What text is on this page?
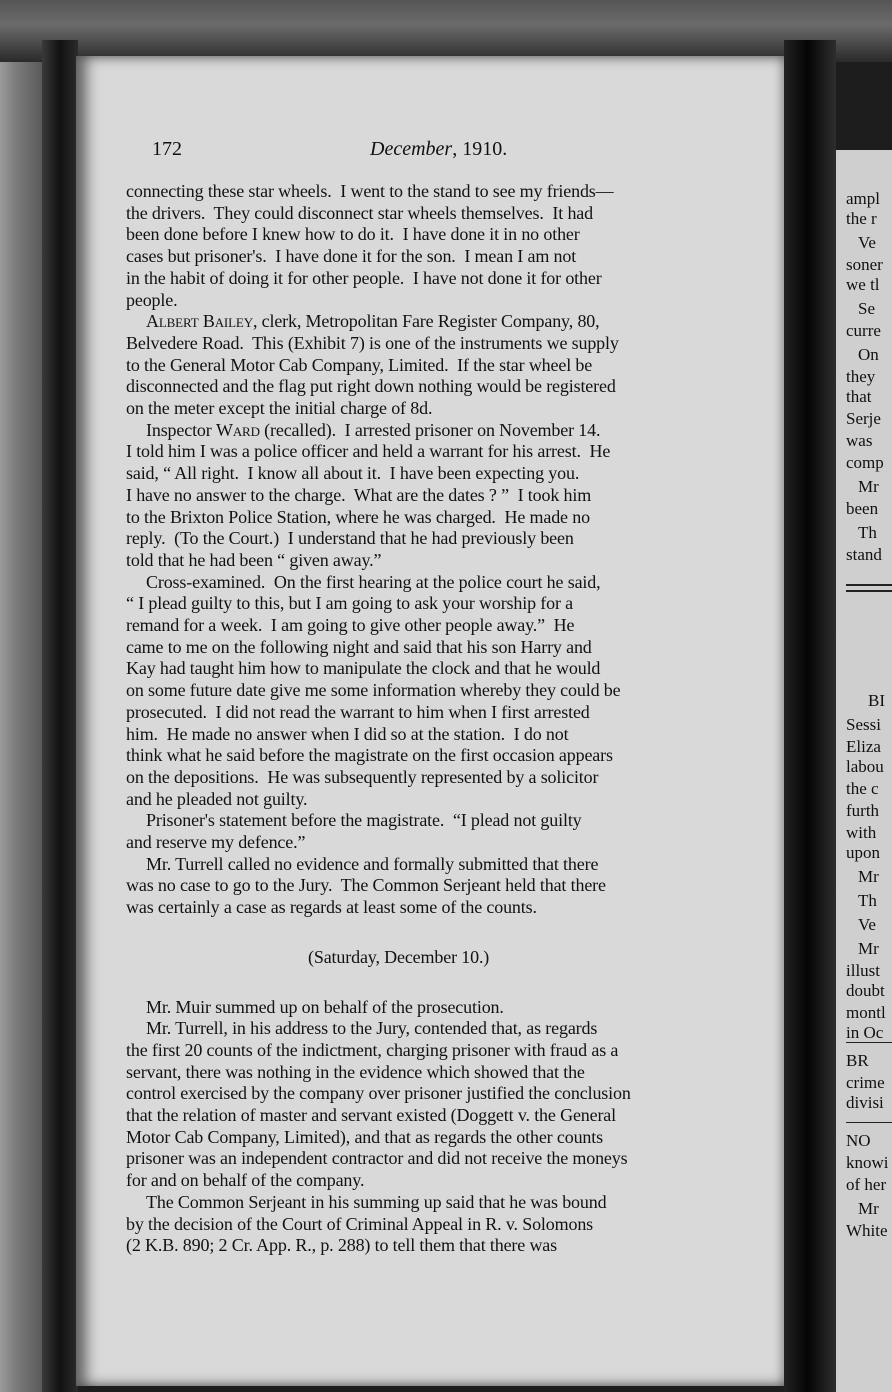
172	December, 1910.
connecting these star wheels.  I went to the stand to see my friends—
the drivers.  They could disconnect star wheels themselves.  It had
been done before I knew how to do it.  I have done it in no other
cases but prisoner's.  I have done it for the son.  I mean I am not
in the habit of doing it for other people.  I have not done it for other
people.
Albert Bailey, clerk, Metropolitan Fare Register Company, 80,
Belvedere Road.  This (Exhibit 7) is one of the instruments we supply
to the General Motor Cab Company, Limited.  If the star wheel be
disconnected and the flag put right down nothing would be registered
on the meter except the initial charge of 8d.
Inspector Ward (recalled).  I arrested prisoner on November 14.
I told him I was a police officer and held a warrant for his arrest.  He
said, “ All right.  I know all about it.  I have been expecting you.
I have no answer to the charge.  What are the dates ? ”  I took him
to the Brixton Police Station, where he was charged.  He made no
reply.  (To the Court.)  I understand that he had previously been
told that he had been “ given away.”
Cross-examined.  On the first hearing at the police court he said,
“ I plead guilty to this, but I am going to ask your worship for a
remand for a week.  I am going to give other people away.”  He
came to me on the following night and said that his son Harry and
Kay had taught him how to manipulate the clock and that he would
on some future date give me some information whereby they could be
prosecuted.  I did not read the warrant to him when I first arrested
him.  He made no answer when I did so at the station.  I do not
think what he said before the magistrate on the first occasion appears
on the depositions.  He was subsequently represented by a solicitor
and he pleaded not guilty.
Prisoner's statement before the magistrate.  “I plead not guilty
and reserve my defence.”
Mr. Turrell called no evidence and formally submitted that there
was no case to go to the Jury.  The Common Serjeant held that there
was certainly a case as regards at least some of the counts.
(Saturday, December 10.)
Mr. Muir summed up on behalf of the prosecution.
Mr. Turrell, in his address to the Jury, contended that, as regards
the first 20 counts of the indictment, charging prisoner with fraud as a
servant, there was nothing in the evidence which showed that the
control exercised by the company over prisoner justified the conclusion
that the relation of master and servant existed (Doggett v. the General
Motor Cab Company, Limited), and that as regards the other counts
prisoner was an independent contractor and did not receive the moneys
for and on behalf of the company.
The Common Serjeant in his summing up said that he was bound
by the decision of the Court of Criminal Appeal in R. v. Solomons
(2 K.B. 890; 2 Cr. App. R., p. 288) to tell them that there was
ampl
the r
Ve
soner
we tl
Se
curre
On
they
that
Serje
was
comp
Mr
been
Th
stand
BI
Sessi
Eliza
labou
the c
furth
with
upon
Mr
Th
Ve
Mr
illust
doubt
montl
in Oc
BR
crime
divisi
NO
knowi
of her
Mr
White
